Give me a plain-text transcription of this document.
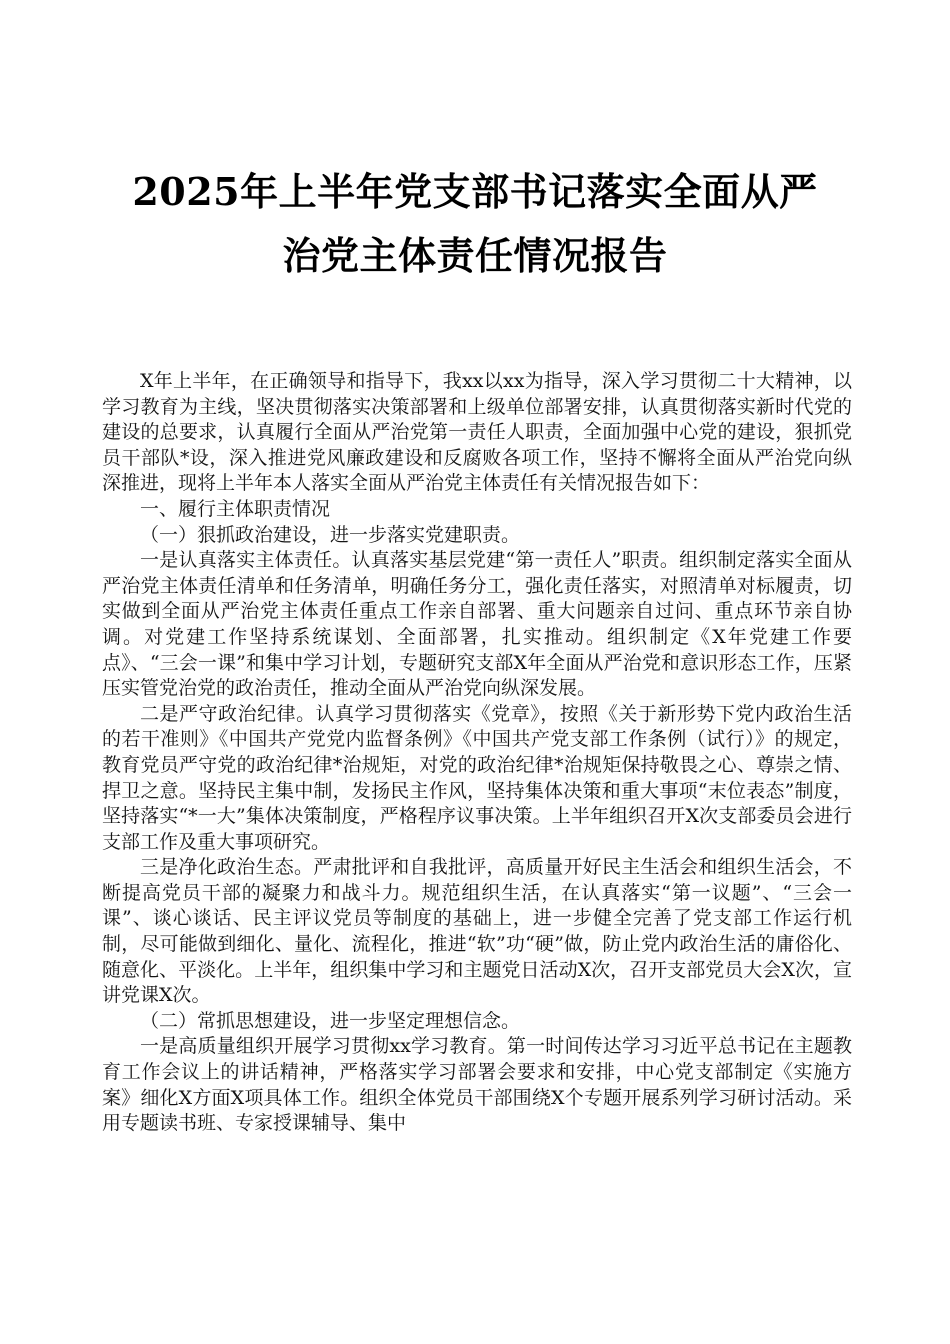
2025年上半年党支部书记落实全面从严
治党主体责任情况报告

X年上半年，在正确领导和指导下，我xx以xx为指导，深入学习贯彻二十大精神，以学习教育为主线，坚决贯彻落实决策部署和上级单位部署安排，认真贯彻落实新时代党的建设的总要求，认真履行全面从严治党第一责任人职责，全面加强中心党的建设，狠抓党员干部队*设，深入推进党风廉政建设和反腐败各项工作，坚持不懈将全面从严治党向纵深推进，现将上半年本人落实全面从严治党主体责任有关情况报告如下：

一、履行主体职责情况

（一）狠抓政治建设，进一步落实党建职责。

一是认真落实主体责任。认真落实基层党建“第一责任人”职责。组织制定落实全面从严治党主体责任清单和任务清单，明确任务分工，强化责任落实，对照清单对标履责，切实做到全面从严治党主体责任重点工作亲自部署、重大问题亲自过问、重点环节亲自协调。对党建工作坚持系统谋划、全面部署，扎实推动。组织制定《X年党建工作要点》、“三会一课”和集中学习计划，专题研究支部X年全面从严治党和意识形态工作，压紧压实管党治党的政治责任，推动全面从严治党向纵深发展。

二是严守政治纪律。认真学习贯彻落实《党章》，按照《关于新形势下党内政治生活的若干准则》《中国共产党党内监督条例》《中国共产党支部工作条例（试行）》的规定，教育党员严守党的政治纪律*治规矩，对党的政治纪律*治规矩保持敬畏之心、尊崇之情、捍卫之意。坚持民主集中制，发扬民主作风，坚持集体决策和重大事项“末位表态”制度，坚持落实“*一大”集体决策制度，严格程序议事决策。上半年组织召开X次支部委员会进行支部工作及重大事项研究。

三是净化政治生态。严肃批评和自我批评，高质量开好民主生活会和组织生活会，不断提高党员干部的凝聚力和战斗力。规范组织生活，在认真落实“第一议题”、“三会一课”、谈心谈话、民主评议党员等制度的基础上，进一步健全完善了党支部工作运行机制，尽可能做到细化、量化、流程化，推进“软”功“硬”做，防止党内政治生活的庸俗化、随意化、平淡化。上半年，组织集中学习和主题党日活动X次，召开支部党员大会X次，宣讲党课X次。

（二）常抓思想建设，进一步坚定理想信念。

一是高质量组织开展学习贯彻xx学习教育。第一时间传达学习习近平总书记在主题教育工作会议上的讲话精神，严格落实学习部署会要求和安排，中心党支部制定《实施方案》细化X方面X项具体工作。组织全体党员干部围绕X个专题开展系列学习研讨活动。采用专题读书班、专家授课辅导、集中
